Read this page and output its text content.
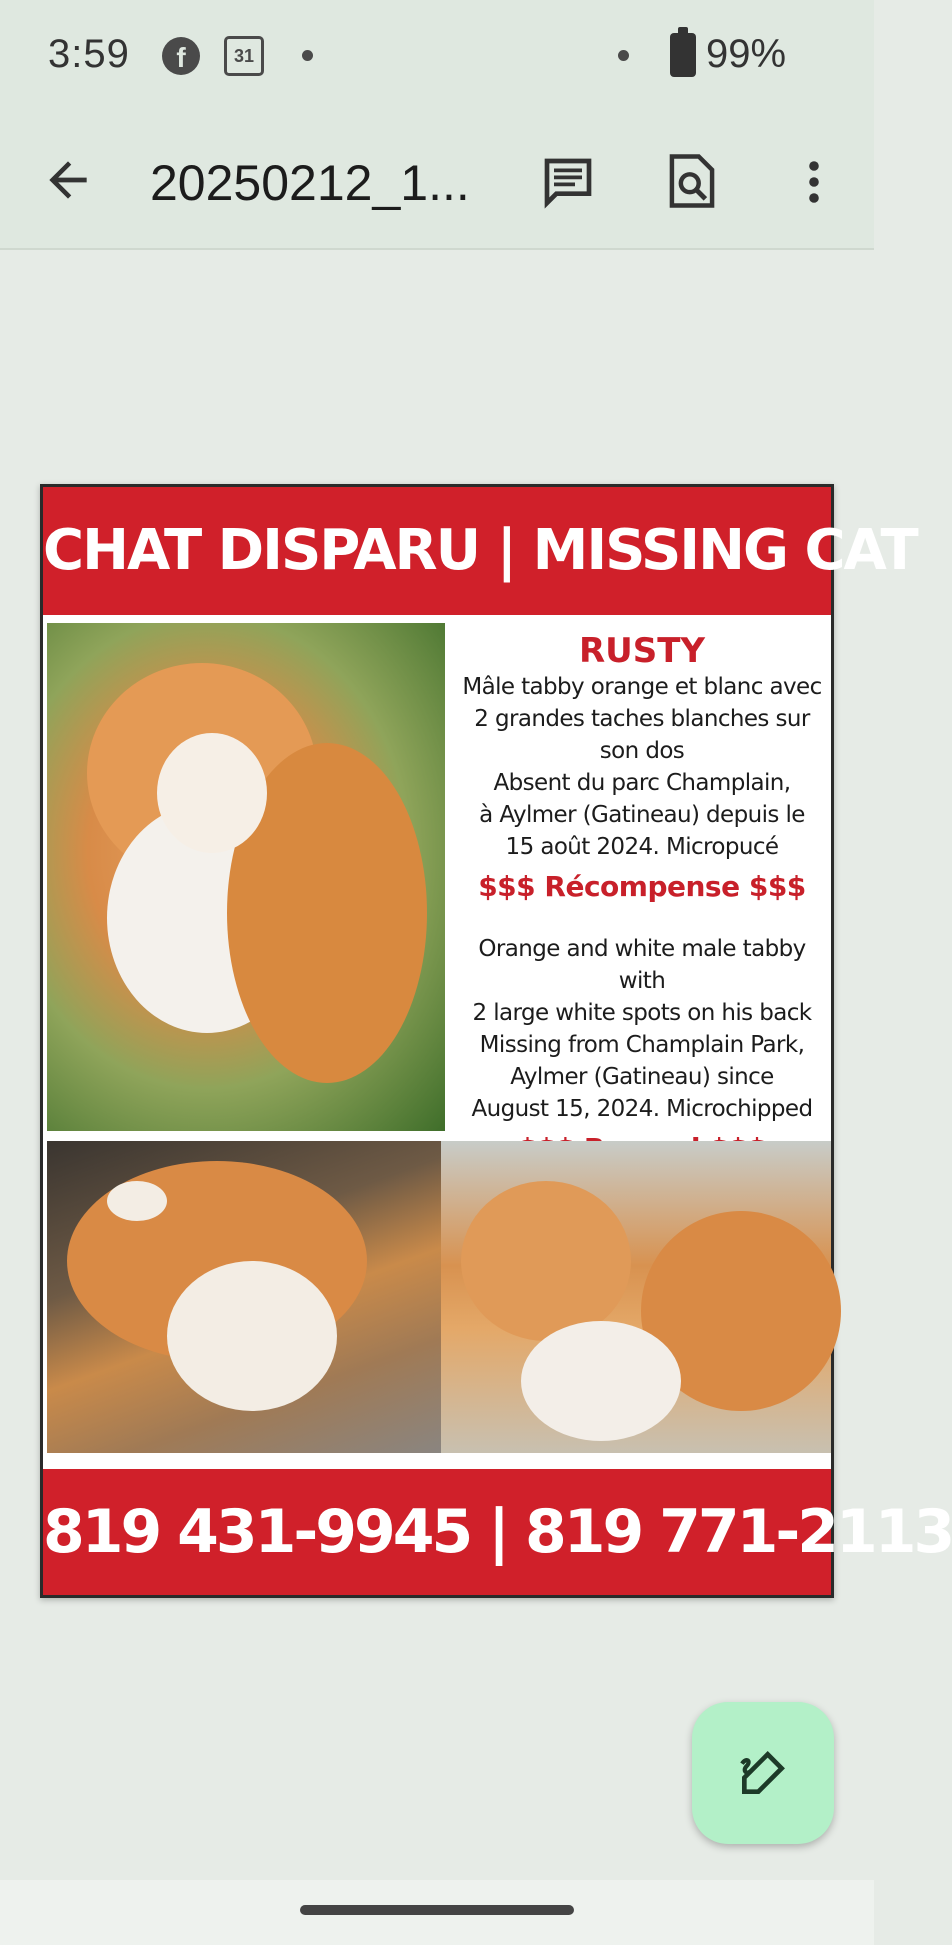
3:59	f	31	99%
20250212_1...
CHAT DISPARU | MISSING CAT
RUSTY
Mâle tabby orange et blanc avec
2 grandes taches blanches sur
son dos
Absent du parc Champlain,
à Aylmer (Gatineau) depuis le
15 août 2024. Micropucé
$$$ Récompense $$$
Orange and white male tabby with
2 large white spots on his back
Missing from Champlain Park,
Aylmer (Gatineau) since
August 15, 2024. Microchipped
819 431-9945 | 819 771-2113
